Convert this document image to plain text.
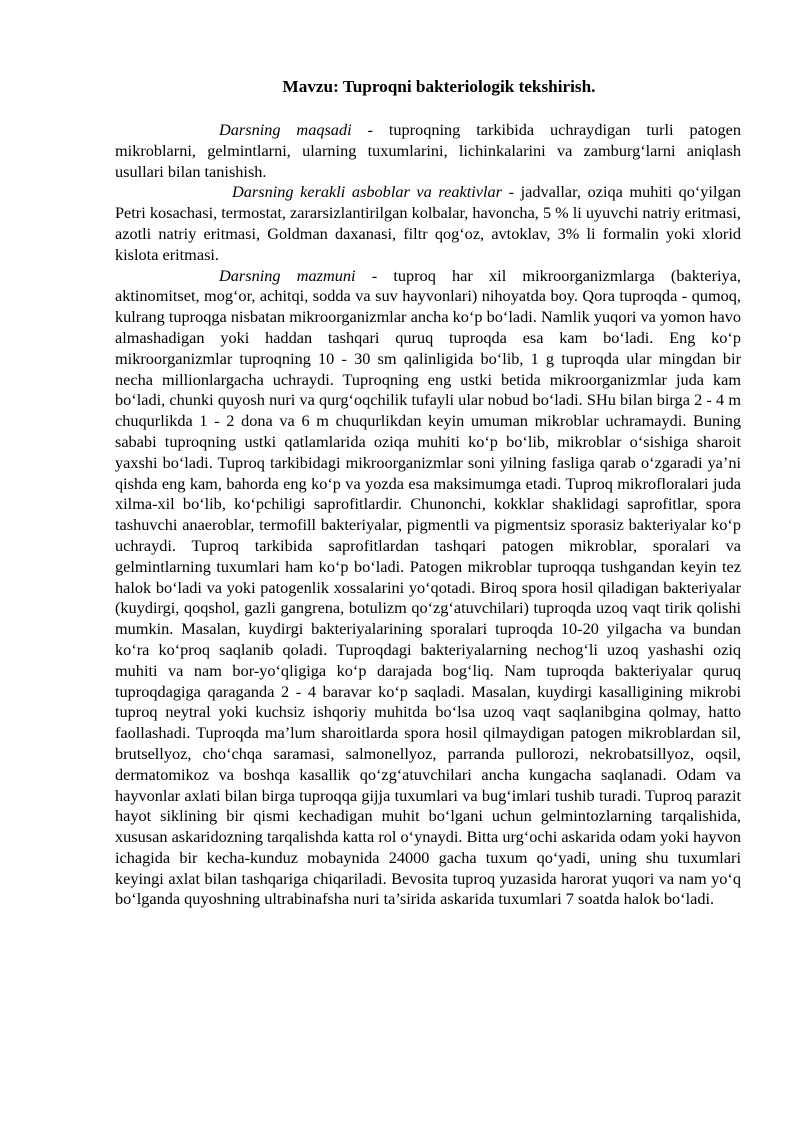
Mavzu: Tuproqni bakteriologik tekshirish.

Darsning maqsadi - tuproqning tarkibida uchraydigan turli patogen mikroblarni, gelmintlarni, ularning tuxumlarini, lichinkalarini va zamburg‘larni aniqlash usullari bilan tanishish.

Darsning kerakli asboblar va reaktivlar - jadvallar, oziqa muhiti qo‘yilgan Petri kosachasi, termostat, zararsizlantirilgan kolbalar, havoncha, 5 % li uyuvchi natriy eritmasi, azotli natriy eritmasi, Goldman daxanasi, filtr qog‘oz, avtoklav, 3% li formalin yoki xlorid kislota eritmasi.

Darsning mazmuni - tuproq har xil mikroorganizmlarga (bakteriya, aktinomitset, mog‘or, achitqi, sodda va suv hayvonlari) nihoyatda boy. Qora tuproqda - qumoq, kulrang tuproqga nisbatan mikroorganizmlar ancha ko‘p bo‘ladi. Namlik yuqori va yomon havo almashadigan yoki haddan tashqari quruq tuproqda esa kam bo‘ladi. Eng ko‘p mikroorganizmlar tuproqning 10 - 30 sm qalinligida bo‘lib, 1 g tuproqda ular mingdan bir necha millionlargacha uchraydi. Tuproqning eng ustki betida mikroorganizmlar juda kam bo‘ladi, chunki quyosh nuri va qurg‘oqchilik tufayli ular nobud bo‘ladi. SHu bilan birga 2 - 4 m chuqurlikda 1 - 2 dona va 6 m chuqurlikdan keyin umuman mikroblar uchramaydi. Buning sababi tuproqning ustki qatlamlarida oziqa muhiti ko‘p bo‘lib, mikroblar o‘sishiga sharoit yaxshi bo‘ladi. Tuproq tarkibidagi mikroorganizmlar soni yilning fasliga qarab o‘zgaradi ya’ni qishda eng kam, bahorda eng ko‘p va yozda esa maksimumga etadi. Tuproq mikrofloralari juda xilma-xil bo‘lib, ko‘pchiligi saprofitlardir. Chunonchi, kokklar shaklidagi saprofitlar, spora tashuvchi anaeroblar, termofill bakteriyalar, pigmentli va pigmentsiz sporasiz bakteriyalar ko‘p uchraydi. Tuproq tarkibida saprofitlardan tashqari patogen mikroblar, sporalari va gelmintlarning tuxumlari ham ko‘p bo‘ladi. Patogen mikroblar tuproqqa tushgandan keyin tez halok bo‘ladi va yoki patogenlik xossalarini yo‘qotadi. Biroq spora hosil qiladigan bakteriyalar (kuydirgi, qoqshol, gazli gangrena, botulizm qo‘zg‘atuvchilari) tuproqda uzoq vaqt tirik qolishi mumkin. Masalan, kuydirgi bakteriyalarining sporalari tuproqda 10-20 yilgacha va bundan ko‘ra ko‘proq saqlanib qoladi. Tuproqdagi bakteriyalarning nechog‘li uzoq yashashi oziq muhiti va nam bor-yo‘qligiga ko‘p darajada bog‘liq. Nam tuproqda bakteriyalar quruq tuproqdagiga qaraganda 2 - 4 baravar ko‘p saqladi. Masalan, kuydirgi kasalligining mikrobi tuproq neytral yoki kuchsiz ishqoriy muhitda bo‘lsa uzoq vaqt saqlanibgina qolmay, hatto faollashadi. Tuproqda ma’lum sharoitlarda spora hosil qilmaydigan patogen mikroblardan sil, brutsellyoz, cho‘chqa saramasi, salmonellyoz, parranda pullorozi, nekrobatsillyoz, oqsil, dermatomikoz va boshqa kasallik qo‘zg‘atuvchilari ancha kungacha saqlanadi. Odam va hayvonlar axlati bilan birga tuproqqa gijja tuxumlari va bug‘imlari tushib turadi. Tuproq parazit hayot siklining bir qismi kechadigan muhit bo‘lgani uchun gelmintozlarning tarqalishida, xususan askaridozning tarqalishda katta rol o‘ynaydi. Bitta urg‘ochi askarida odam yoki hayvon ichagida bir kecha-kunduz mobaynida 24000 gacha tuxum qo‘yadi, uning shu tuxumlari keyingi axlat bilan tashqariga chiqariladi. Bevosita tuproq yuzasida harorat yuqori va nam yo‘q bo‘lganda quyoshning ultrabinafsha nuri ta’sirida askarida tuxumlari 7 soatda halok bo‘ladi.
